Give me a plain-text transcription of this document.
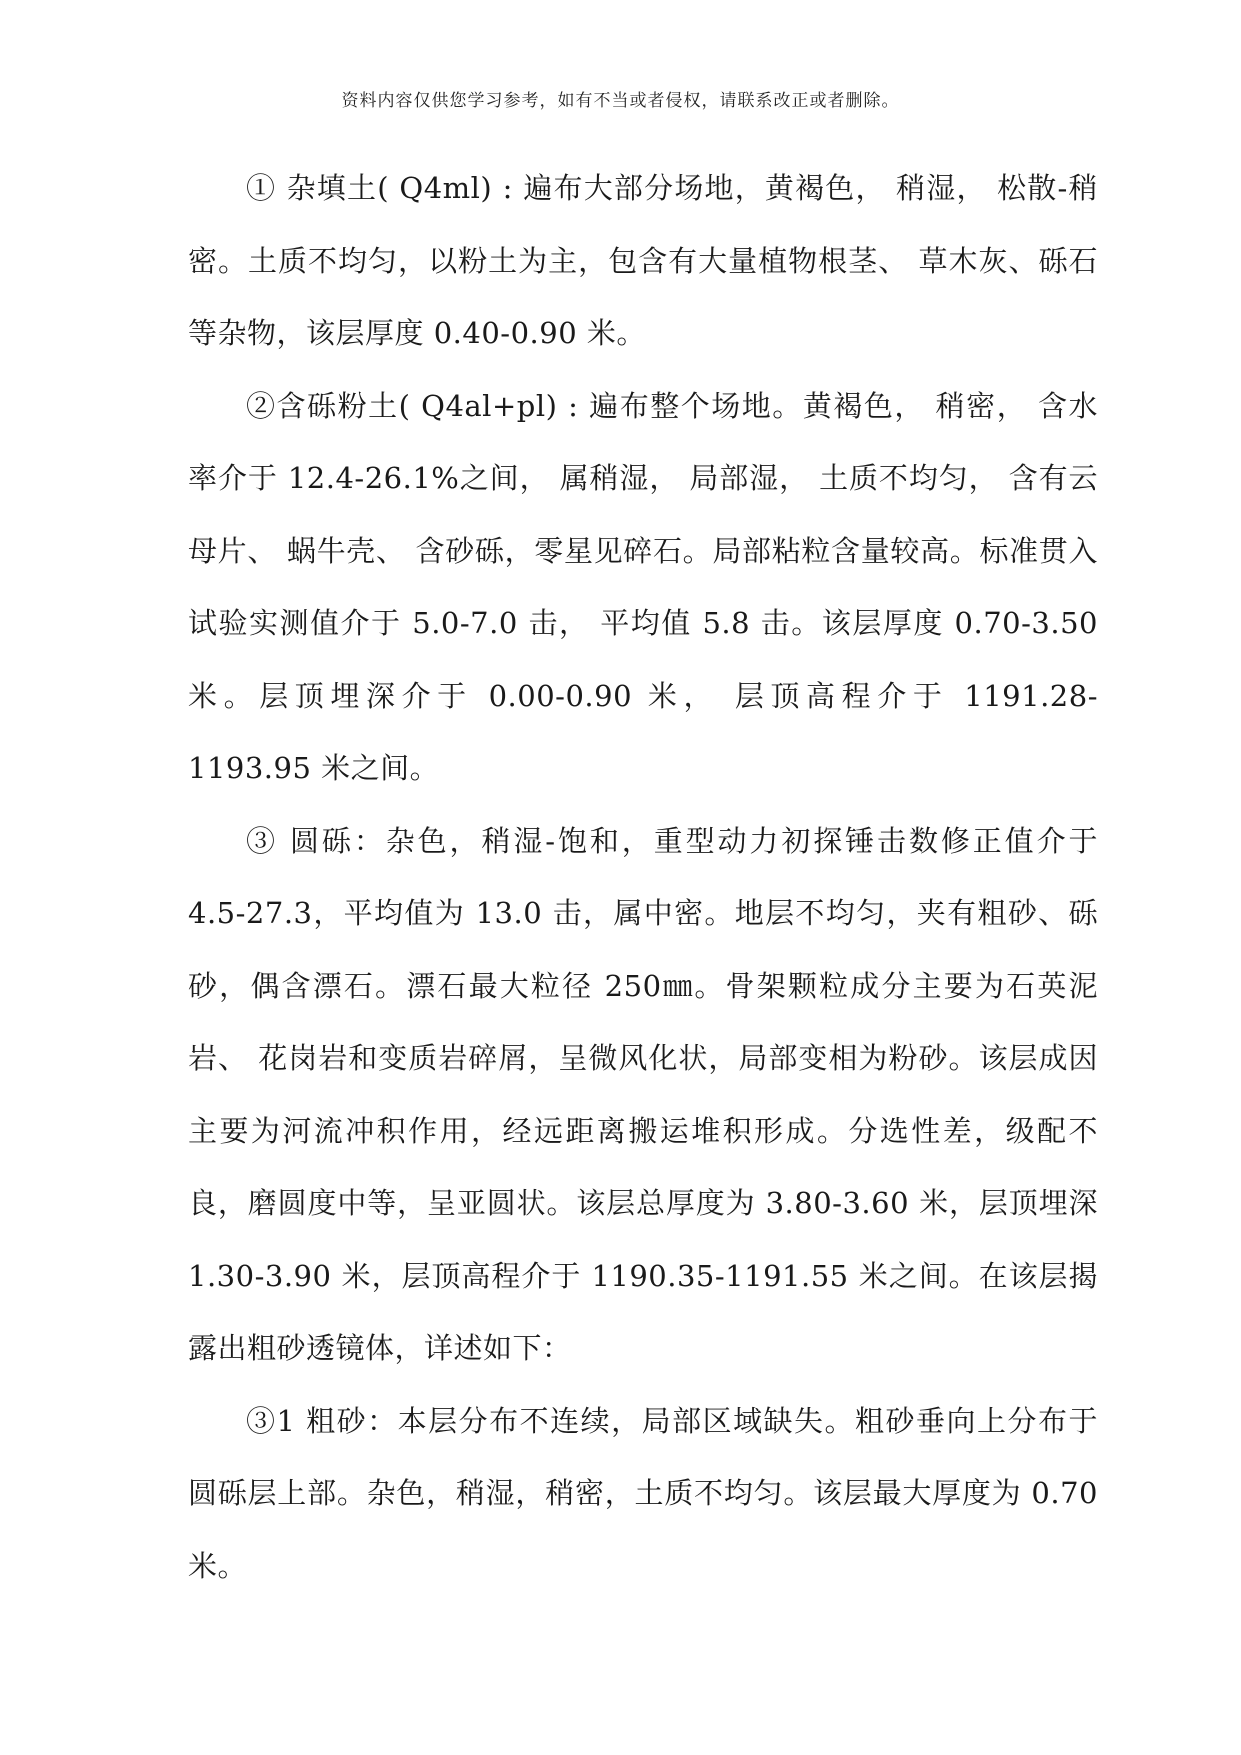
资料内容仅供您学习参考，如有不当或者侵权，请联系改正或者删除。

① 杂填土( Q4ml) : 遍布大部分场地，黄褐色， 稍湿， 松散-稍密。土质不均匀，以粉土为主，包含有大量植物根茎、 草木灰、砾石等杂物，该层厚度 0.40-0.90 米。

②含砾粉土( Q4al+pl) : 遍布整个场地。黄褐色， 稍密， 含水率介于 12.4-26.1%之间， 属稍湿， 局部湿， 土质不均匀， 含有云母片、 蜗牛壳、 含砂砾，零星见碎石。局部粘粒含量较高。标准贯入试验实测值介于 5.0-7.0 击， 平均值 5.8 击。该层厚度 0.70-3.50 米。层顶埋深介于 0.00-0.90 米， 层顶高程介于 1191.28-1193.95 米之间。

③ 圆砾：杂色，稍湿-饱和，重型动力初探锤击数修正值介于 4.5-27.3，平均值为 13.0 击，属中密。地层不均匀，夹有粗砂、砾砂，偶含漂石。漂石最大粒径 250㎜。骨架颗粒成分主要为石英泥岩、 花岗岩和变质岩碎屑，呈微风化状，局部变相为粉砂。该层成因主要为河流冲积作用，经远距离搬运堆积形成。分选性差，级配不良，磨圆度中等，呈亚圆状。该层总厚度为 3.80-3.60 米，层顶埋深 1.30-3.90 米，层顶高程介于 1190.35-1191.55 米之间。在该层揭露出粗砂透镜体，详述如下：

③1 粗砂：本层分布不连续，局部区域缺失。粗砂垂向上分布于圆砾层上部。杂色，稍湿，稍密，土质不均匀。该层最大厚度为 0.70 米。
